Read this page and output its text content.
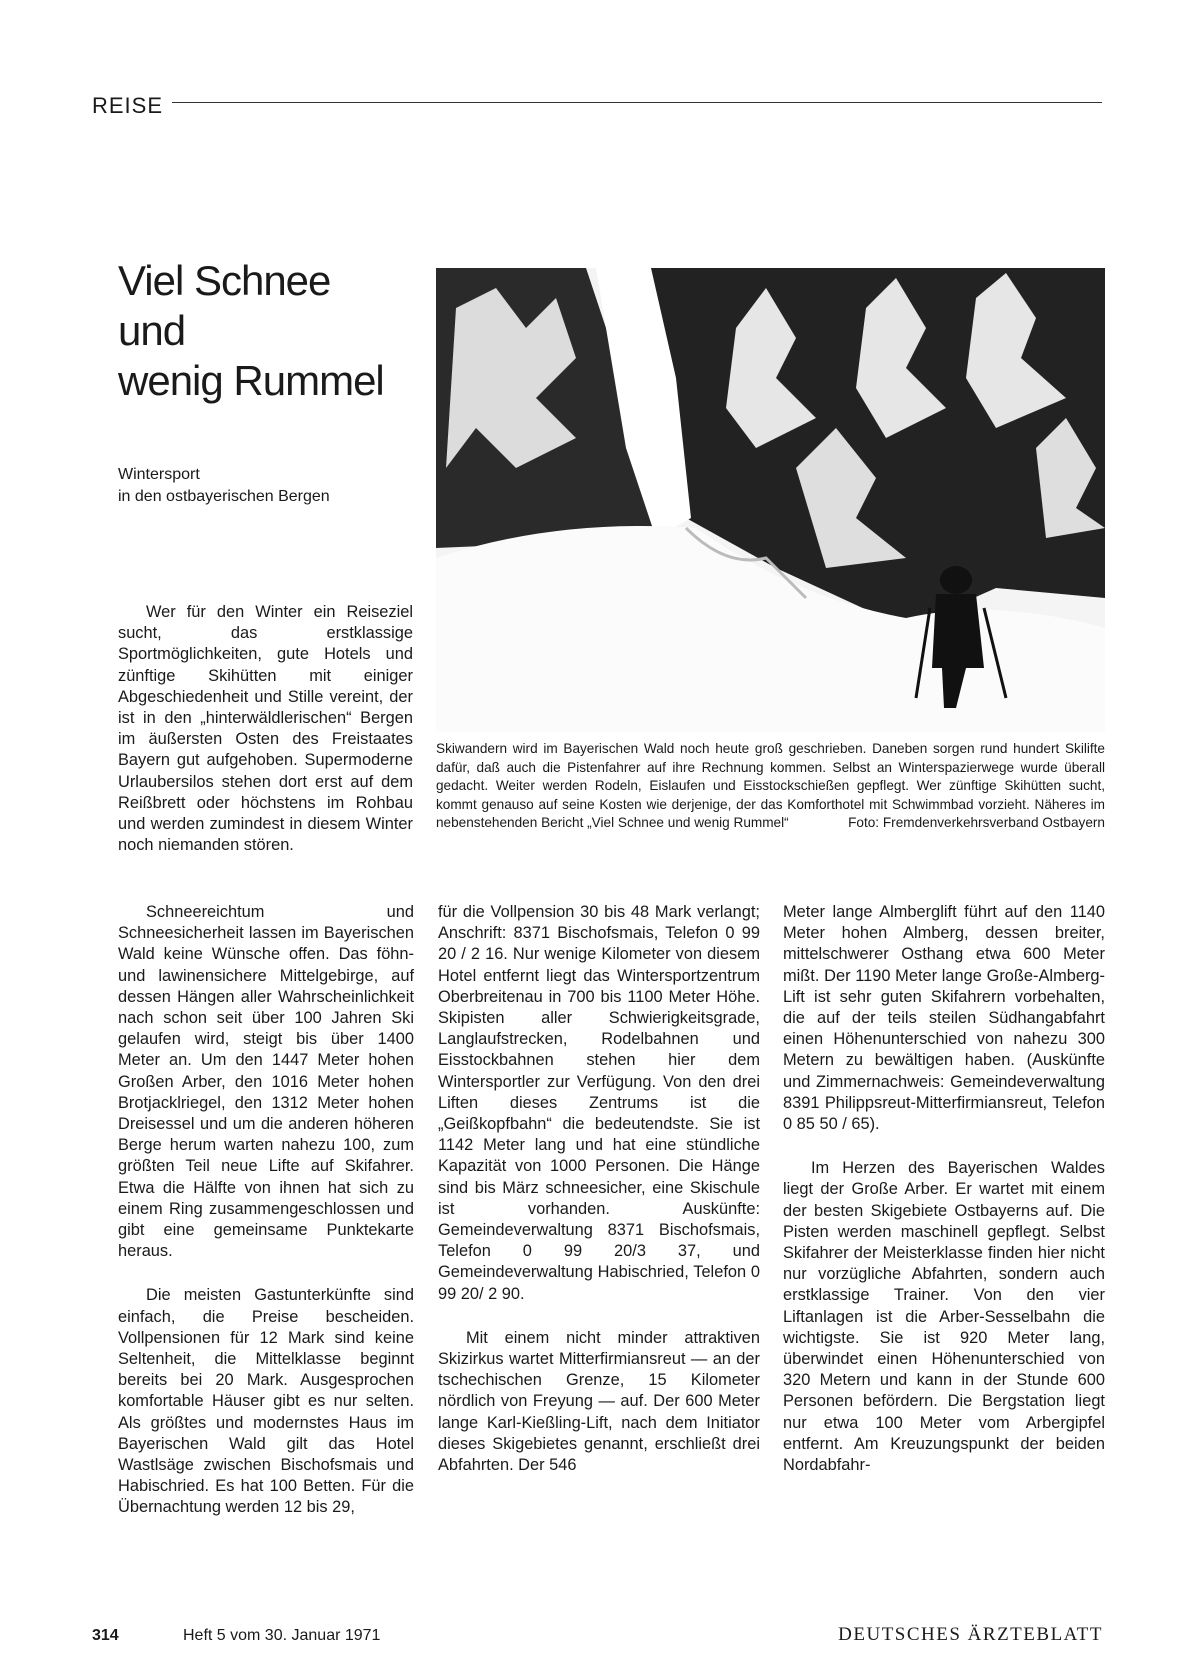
REISE
Viel Schnee
und
wenig Rummel
Wintersport
in den ostbayerischen Bergen

Wer für den Winter ein Reiseziel sucht, das erstklassige Sportmöglichkeiten, gute Hotels und zünftige Skihütten mit einiger Abgeschiedenheit und Stille vereint, der ist in den „hinterwäldlerischen“ Bergen im äußersten Osten des Freistaates Bayern gut aufgehoben. Supermoderne Urlaubersilos stehen dort erst auf dem Reißbrett oder höchstens im Rohbau und werden zumindest in diesem Winter noch niemanden stören.

Skiwandern wird im Bayerischen Wald noch heute groß geschrieben. Daneben sorgen rund hundert Skilifte dafür, daß auch die Pistenfahrer auf ihre Rechnung kommen. Selbst an Winterspazierwege wurde überall gedacht. Weiter werden Rodeln, Eislaufen und Eisstockschießen gepflegt. Wer zünftige Skihütten sucht, kommt genauso auf seine Kosten wie derjenige, der das Komforthotel mit Schwimmbad vorzieht. Näheres im nebenstehenden Bericht „Viel Schnee und wenig Rummel“	Foto: Fremdenverkehrsverband Ostbayern

Schneereichtum und Schneesicherheit lassen im Bayerischen Wald keine Wünsche offen. Das föhn- und lawinensichere Mittelgebirge, auf dessen Hängen aller Wahrscheinlichkeit nach schon seit über 100 Jahren Ski gelaufen wird, steigt bis über 1400 Meter an. Um den 1447 Meter hohen Großen Arber, den 1016 Meter hohen Brotjacklriegel, den 1312 Meter hohen Dreisessel und um die anderen höheren Berge herum warten nahezu 100, zum größten Teil neue Lifte auf Skifahrer. Etwa die Hälfte von ihnen hat sich zu einem Ring zusammengeschlossen und gibt eine gemeinsame Punktekarte heraus.

Die meisten Gastunterkünfte sind einfach, die Preise bescheiden. Vollpensionen für 12 Mark sind keine Seltenheit, die Mittelklasse beginnt bereits bei 20 Mark. Ausgesprochen komfortable Häuser gibt es nur selten. Als größtes und modernstes Haus im Bayerischen Wald gilt das Hotel Wastlsäge zwischen Bischofsmais und Habischried. Es hat 100 Betten. Für die Übernachtung werden 12 bis 29,

für die Vollpension 30 bis 48 Mark verlangt; Anschrift: 8371 Bischofsmais, Telefon 0 99 20 / 2 16. Nur wenige Kilometer von diesem Hotel entfernt liegt das Wintersportzentrum Oberbreitenau in 700 bis 1100 Meter Höhe. Skipisten aller Schwierigkeitsgrade, Langlaufstrecken, Rodelbahnen und Eisstockbahnen stehen hier dem Wintersportler zur Verfügung. Von den drei Liften dieses Zentrums ist die „Geißkopfbahn“ die bedeutendste. Sie ist 1142 Meter lang und hat eine stündliche Kapazität von 1000 Personen. Die Hänge sind bis März schneesicher, eine Skischule ist vorhanden. Auskünfte: Gemeindeverwaltung 8371 Bischofsmais, Telefon 0 99 20/3 37, und Gemeindeverwaltung Habischried, Telefon 0 99 20/ 2 90.

Mit einem nicht minder attraktiven Skizirkus wartet Mitterfirmiansreut — an der tschechischen Grenze, 15 Kilometer nördlich von Freyung — auf. Der 600 Meter lange Karl-Kießling-Lift, nach dem Initiator dieses Skigebietes genannt, erschließt drei Abfahrten. Der 546

Meter lange Almberglift führt auf den 1140 Meter hohen Almberg, dessen breiter, mittelschwerer Osthang etwa 600 Meter mißt. Der 1190 Meter lange Große-Almberg-Lift ist sehr guten Skifahrern vorbehalten, die auf der teils steilen Südhangabfahrt einen Höhenunterschied von nahezu 300 Metern zu bewältigen haben. (Auskünfte und Zimmernachweis: Gemeindeverwaltung 8391 Philippsreut-Mitterfirmiansreut, Telefon 0 85 50 / 65).

Im Herzen des Bayerischen Waldes liegt der Große Arber. Er wartet mit einem der besten Skigebiete Ostbayerns auf. Die Pisten werden maschinell gepflegt. Selbst Skifahrer der Meisterklasse finden hier nicht nur vorzügliche Abfahrten, sondern auch erstklassige Trainer. Von den vier Liftanlagen ist die Arber-Sesselbahn die wichtigste. Sie ist 920 Meter lang, überwindet einen Höhenunterschied von 320 Metern und kann in der Stunde 600 Personen befördern. Die Bergstation liegt nur etwa 100 Meter vom Arbergipfel entfernt. Am Kreuzungspunkt der beiden Nordabfahr-

314	Heft 5 vom 30. Januar 1971	DEUTSCHES ÄRZTEBLATT
